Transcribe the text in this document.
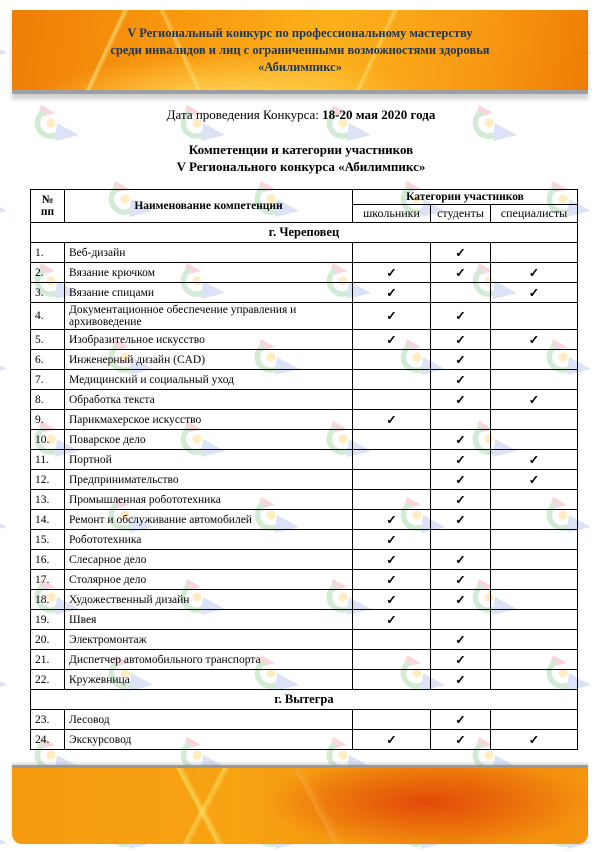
V Региональный конкурс по профессиональному мастерству
среди инвалидов и лиц с ограниченными возможностями здоровья
«Абилимпикс»
Дата проведения Конкурса: 18-20 мая 2020 года
Компетенции и категории участников
V Регионального конкурса «Абилимпикс»
№
пп	Наименование компетенции	Категории участников		
		школьники	студенты	специалисты
г. Череповец				
1.	Веб-дизайн		✓	
2.	Вязание крючком	✓	✓	✓
3.	Вязание спицами	✓		✓
4.	Документационное обеспечение управления и архивоведение	✓	✓	
5.	Изобразительное искусство	✓	✓	✓
6.	Инженерный дизайн (CAD)		✓	
7.	Медицинский и социальный уход		✓	
8.	Обработка текста		✓	✓
9.	Парикмахерское искусство	✓		
10.	Поварское дело		✓	
11.	Портной		✓	✓
12.	Предпринимательство		✓	✓
13.	Промышленная робототехника		✓	
14.	Ремонт и обслуживание автомобилей	✓	✓	
15.	Робототехника	✓		
16.	Слесарное дело	✓	✓	
17.	Столярное дело	✓	✓	
18.	Художественный дизайн	✓	✓	
19.	Швея	✓		
20.	Электромонтаж		✓	
21.	Диспетчер автомобильного транспорта		✓	
22.	Кружевница		✓	
г. Вытегра				
23.	Лесовод		✓	
24.	Экскурсовод	✓	✓	✓
